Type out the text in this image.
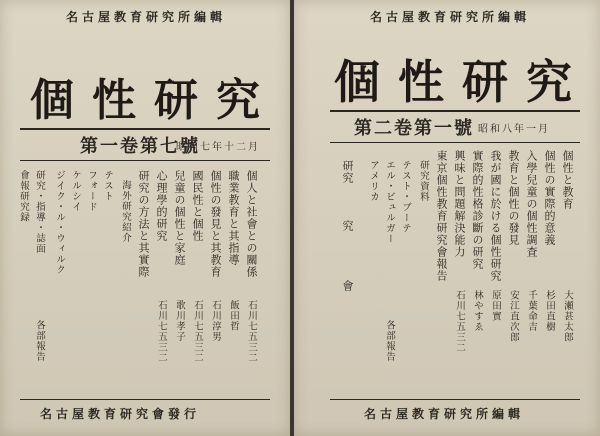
名古屋教育研究所編輯
個性研究
第一卷第七號
昭和七年十二月
個人と社會との關係
職業教育と其指導
個性の發見と其教育
國民性と個性
兒童の個性と家庭
心理學的研究
研究の方法と其實際
海外研究紹介
テスト
フォード
ケルシイ
ジイク・ル・ウィルク
研究・指導・誌面
會報研究録
石川七五三二
飯田哲
石川淳男
石川七五三二
歌川孝子
石川七五三二
各部報告
名古屋教育研究會發行
名古屋教育研究所編輯
個性研究
第二卷第一號 昭和八年一月
個性と教育
個性の實際的意義
入學兒童の個性調査
教育と個性の發見
我が國に於ける個性研究
實際的性格診斷の研究
興味と問題解決能力
東京個性教育研究會報告
研究資料
テスト・ブーテ
エル・ビュルガー
アメリカ
研究
究
會
大瀬甚太郎
杉田直樹
千葉命吉
安江直次郎
原田實
林やすゑ
石川七五三二
各部報告
名古屋教育研究所編輯
